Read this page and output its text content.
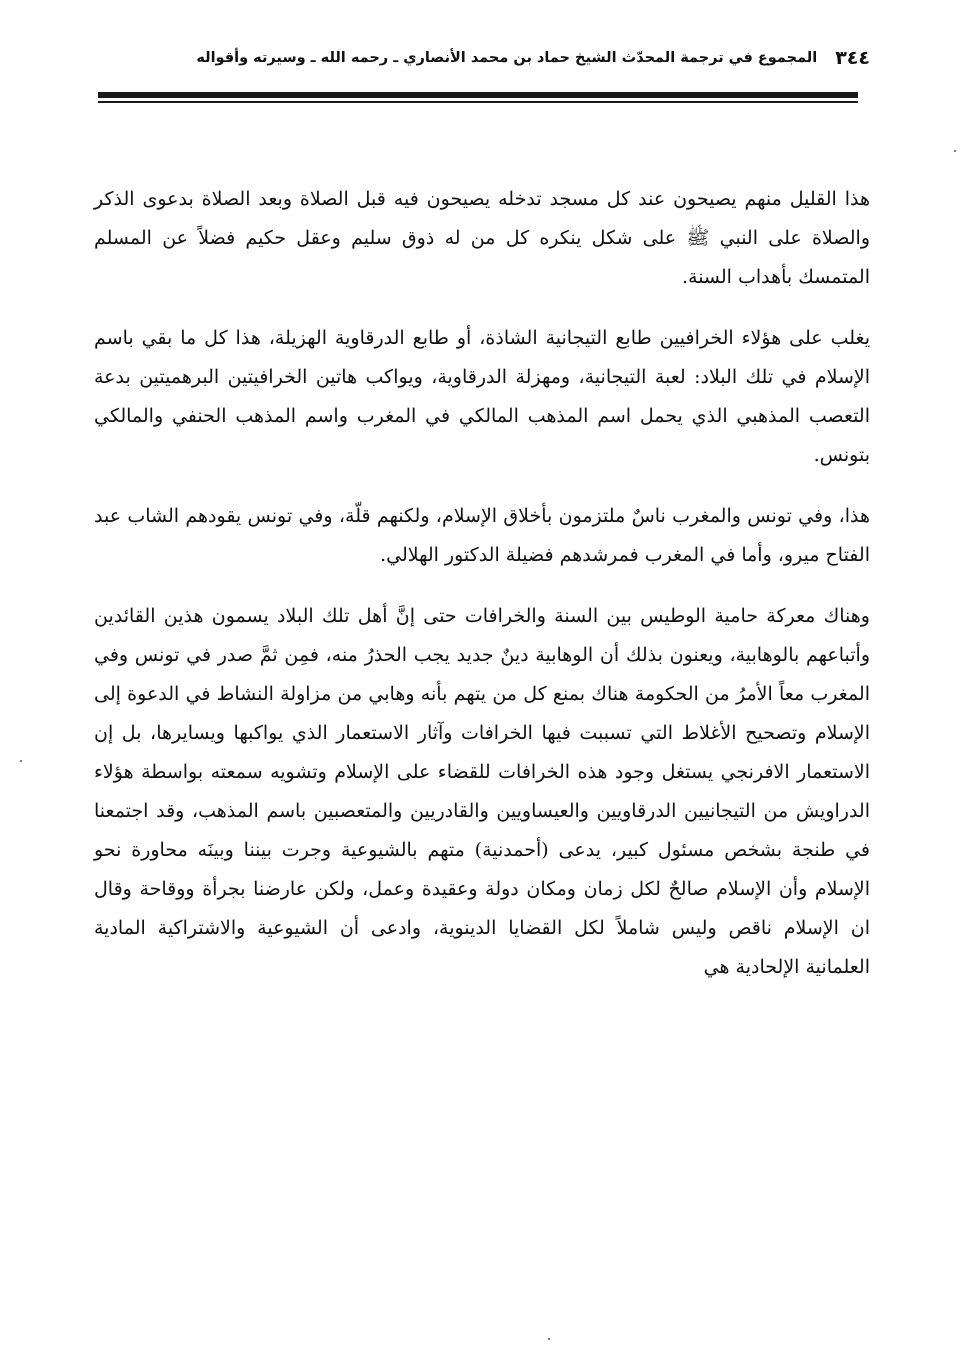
٣٤٤
المجموع في ترجمة المحدّث الشيخ حماد بن محمد الأنصاري ـ رحمه الله ـ وسيرته وأقواله

هذا القليل منهم يصيحون عند كل مسجد تدخله يصيحون فيه قبل الصلاة وبعد الصلاة بدعوى الذكر والصلاة على النبي ﷺ على شكل ينكره كل من له ذوق سليم وعقل حكيم فضلاً عن المسلم المتمسك بأهداب السنة.

يغلب على هؤلاء الخرافيين طابع التيجانية الشاذة، أو طابع الدرقاوية الهزيلة، هذا كل ما بقي باسم الإسلام في تلك البلاد: لعبة التيجانية، ومهزلة الدرقاوية، ويواكب هاتين الخرافيتين البرهميتين بدعة التعصب المذهبي الذي يحمل اسم المذهب المالكي في المغرب واسم المذهب الحنفي والمالكي بتونس.

هذا، وفي تونس والمغرب ناسٌ ملتزمون بأخلاق الإسلام، ولكنهم قلّة، وفي تونس يقودهم الشاب عبد الفتاح ميرو، وأما في المغرب فمرشدهم فضيلة الدكتور الهلالي.

وهناك معركة حامية الوطيس بين السنة والخرافات حتى إنَّ أهل تلك البلاد يسمون هذين القائدين وأتباعهم بالوهابية، ويعنون بذلك أن الوهابية دينٌ جديد يجب الحذرُ منه، فمِن ثمَّ صدر في تونس وفي المغرب معاً الأمرُ من الحكومة هناك بمنع كل من يتهم بأنه وهابي من مزاولة النشاط في الدعوة إلى الإسلام وتصحيح الأغلاط التي تسببت فيها الخرافات وآثار الاستعمار الذي يواكبها ويسايرها، بل إن الاستعمار الافرنجي يستغل وجود هذه الخرافات للقضاء على الإسلام وتشويه سمعته بواسطة هؤلاء الدراويش من التيجانيين الدرقاويين والعيساويين والقادريين والمتعصبين باسم المذهب، وقد اجتمعنا في طنجة بشخص مسئول كبير، يدعى (أحمدنية) متهم بالشيوعية وجرت بيننا وبينَه محاورة نحو الإسلام وأن الإسلام صالحٌ لكل زمان ومكان دولة وعقيدة وعمل، ولكن عارضنا بجرأة ووقاحة وقال ان الإسلام ناقص وليس شاملاً لكل القضايا الدينوية، وادعى أن الشيوعية والاشتراكية المادية العلمانية الإلحادية هي
